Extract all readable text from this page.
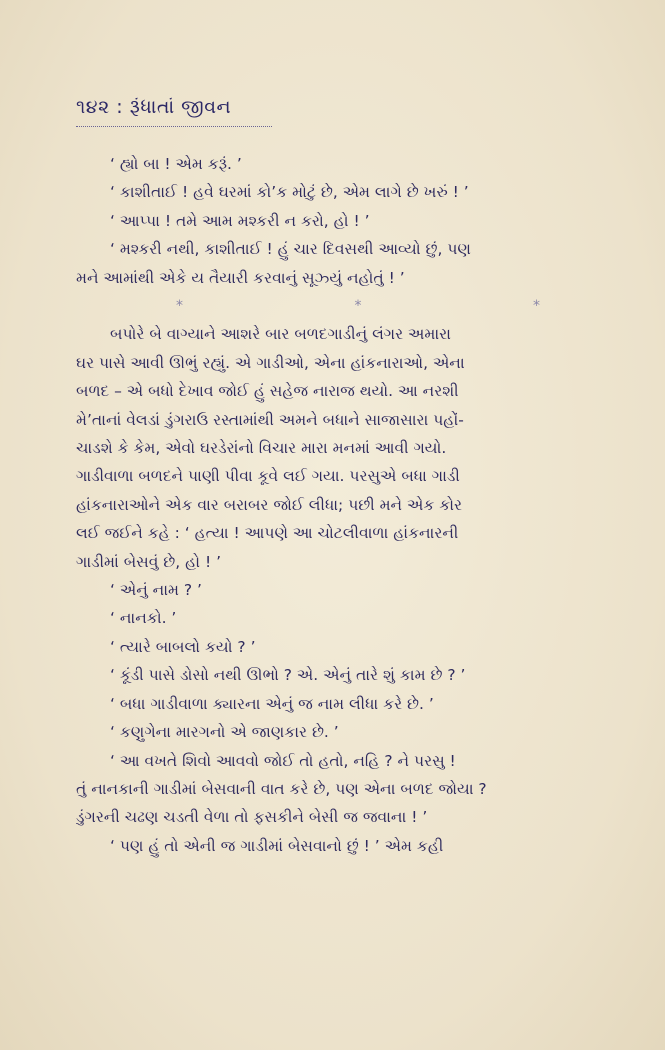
૧૪૨ : રૂંધાતાં જીવન
‘ હ્યો બા ! એમ કરૂં. ’
‘ કાશીતાઈ ! હવે ઘરમાં કો’ક મોટું છે, એમ લાગે છે ખરું ! ’
‘ આપ્પા ! તમે આમ મશ્કરી ન કરો, હો ! ’
‘ મશ્કરી નથી, કાશીતાઈ ! હું ચાર દિવસથી આવ્યો છું, પણ
મને આમાંથી એકે ય તૈયારી કરવાનું સૂઝ્યું નહોતું ! ’
*	*	*
બપોરે બે વાગ્યાને આશરે બાર બળદગાડીનું લંગર અમારા
ઘર પાસે આવી ઊભું રહ્યું. એ ગાડીઓ, એના હાંકનારાઓ, એના
બળદ – એ બધો દેખાવ જોઈ હું સહેજ નારાજ થયો. આ નરશી
મે’તાનાં વેલડાં ડુંગરાઉ રસ્તામાંથી અમને બધાને સાજાસારા પહોં-
ચાડશે કે કેમ, એવો ઘરડેરાંનો વિચાર મારા મનમાં આવી ગયો.
ગાડીવાળા બળદને પાણી પીવા કૂવે લઈ ગયા. પરસુએ બધા ગાડી
હાંકનારાઓને એક વાર બરાબર જોઈ લીધા; પછી મને એક કોર
લઈ જઈને કહે : ‘ હત્યા ! આપણે આ ચોટલીવાળા હાંકનારની
ગાડીમાં બેસવું છે, હો ! ’
‘ એનું નામ ? ’
‘ નાનકો. ’
‘ ત્યારે બાબલો કયો ? ’
‘ કૂંડી પાસે ડોસો નથી ઊભો ? એ. એનું તારે શું કામ છે ? ’
‘ બધા ગાડીવાળા ક્યારના એનું જ નામ લીધા કરે છે. ’
‘ કણુગેના મારગનો એ જાણકાર છે. ’
‘ આ વખતે શિવો આવવો જોઈ તો હતો, નહિ ? ને પરસુ !
તું નાનકાની ગાડીમાં બેસવાની વાત કરે છે, પણ એના બળદ જોયા ?
ડુંગરની ચઢણ ચડતી વેળા તો ફસકીને બેસી જ જવાના ! ’
‘ પણ હું તો એની જ ગાડીમાં બેસવાનો છું ! ’ એમ કહી
